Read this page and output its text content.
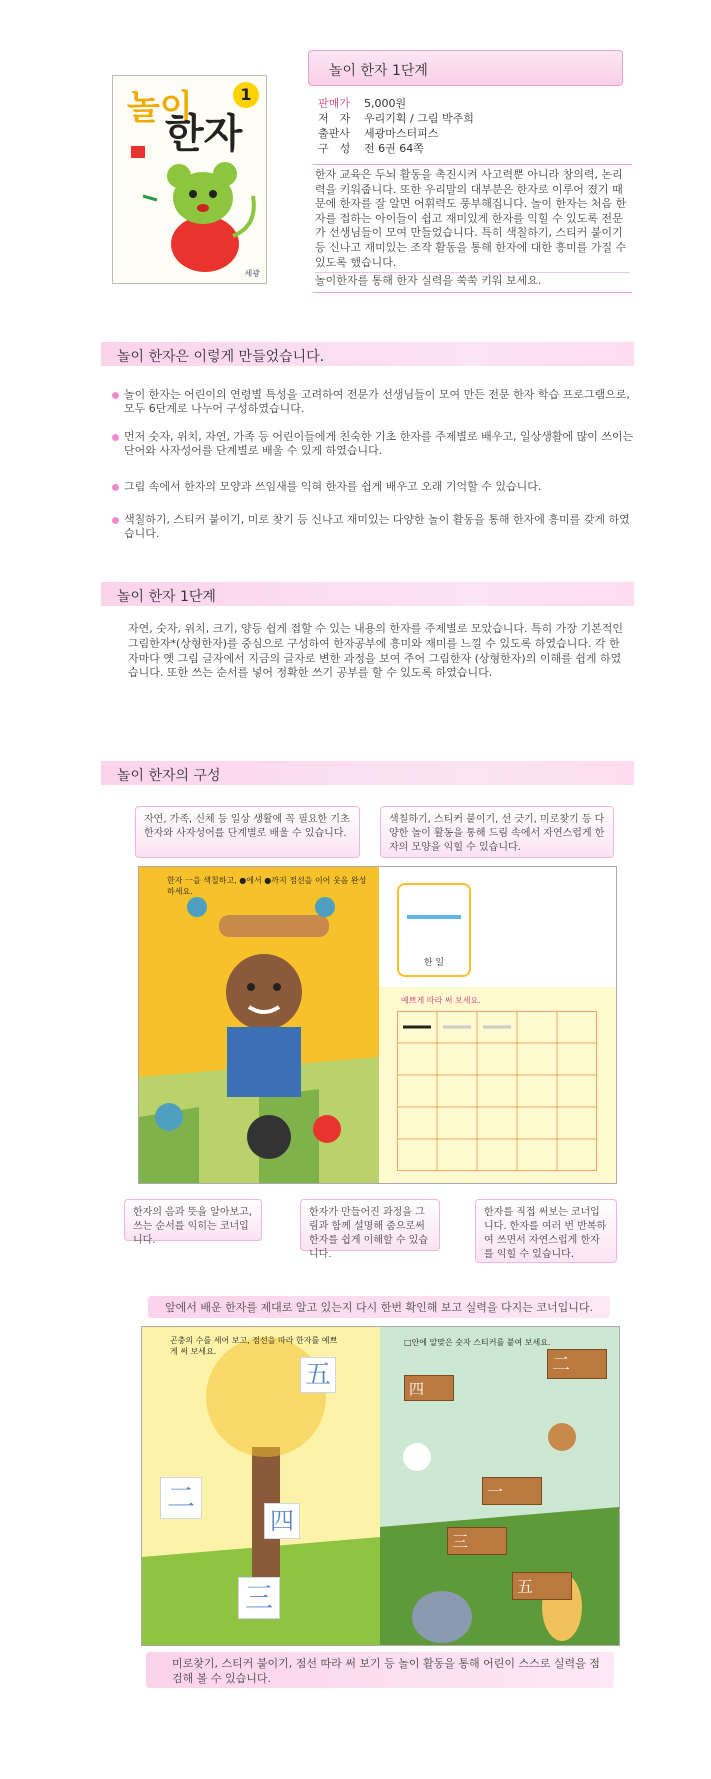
놀이
한자
1
세광
놀이 한자 1단계
판매가 5,000원
저　자 우리기획 / 그림 박주희
출판사 세광마스터피스
구　성 전 6권 64쪽
한자 교육은 두뇌 활동을 촉진시켜 사고력뿐 아니라 창의력, 논리력을 키워줍니다. 또한 우리말의 대부분은 한자로 이루어 졌기 때문에 한자를 잘 알면 어휘력도 풍부해집니다. 놀이 한자는 처음 한자를 접하는 아이들이 쉽고 재미있게 한자를 익힐 수 있도록 전문가 선생님들이 모여 만들었습니다. 특히 색칠하기, 스티커 붙이기 등 신나고 재미있는 조작 활동을 통해 한자에 대한 흥미를 가질 수 있도록 했습니다.
놀이한자를 통해 한자 실력을 쑥쑥 키워 보세요.
놀이 한자은 이렇게 만들었습니다.
놀이 한자는 어린이의 연령별 특성을 고려하여 전문가 선생님들이 모여 만든 전문 한자 학습 프로그램으로, 모두 6단계로 나누어 구성하였습니다.
먼저 숫자, 위치, 자연, 가족 등 어린이들에게 친숙한 기초 한자를 주제별로 배우고, 일상생활에 많이 쓰이는 단어와 사자성어를 단계별로 배울 수 있게 하였습니다.
그림 속에서 한자의 모양과 쓰임새를 익혀 한자를 쉽게 배우고 오래 기억할 수 있습니다.
색칠하기, 스티커 붙이기, 미로 찾기 등 신나고 재미있는 다양한 놀이 활동을 통해 한자에 흥미를 갖게 하였습니다.
놀이 한자 1단계
자연, 숫자, 위치, 크기, 양등 쉽게 접할 수 있는 내용의 한자를 주제별로 모았습니다. 특히 가장 기본적인 그림한자*(상형한자)를 중심으로 구성하여 한자공부에 흥미와 재미를 느낄 수 있도록 하였습니다. 각 한자마다 옛 그림 글자에서 지금의 글자로 변한 과정을 보여 주어 그림한자 (상형한자)의 이해를 쉽게 하였습니다. 또한 쓰는 순서를 넣어 정확한 쓰기 공부를 할 수 있도록 하였습니다.
놀이 한자의 구성
자연, 가족, 신체 등 일상 생활에 꼭 필요한 기초 한자와 사자성어를 단계별로 배울 수 있습니다.
색칠하기, 스티커 붙이기, 선 긋기, 미로찾기 등 다양한 놀이 활동을 통해 드림 속에서 자연스럽게 한자의 모양을 익힐 수 있습니다.
한자 一을 색칠하고, ●에서 ●까지 점선을 이어 웃음 완성하세요.
한 일
예쁘게 따라 써 보세요.
한자의 음과 뜻을 알아보고, 쓰는 순서를 익히는 코너입니다.
한자가 만들어진 과정을 그림과 함께 설명해 줌으로써 한자를 쉽게 이해할 수 있습니다.
한자를 직접 써보는 코너입니다. 한자를 여러 번 반복하여 쓰면서 자연스럽게 한자를 익힐 수 있습니다.
앞에서 배운 한자를 제대로 알고 있는지 다시 한번 확인해 보고 실력을 다지는 코너입니다.
곤충의 수를 세어 보고, 점선을 따라 한자를 예쁘게 써 보세요.
□안에 알맞은 숫자 스티커를 붙여 보세요.
五
二
四
三
二
四
一
三
五
미로찾기, 스티커 붙이기, 점선 따라 써 보기 등 놀이 활동을 통해 어린이 스스로 실력을 점검해 볼 수 있습니다.
